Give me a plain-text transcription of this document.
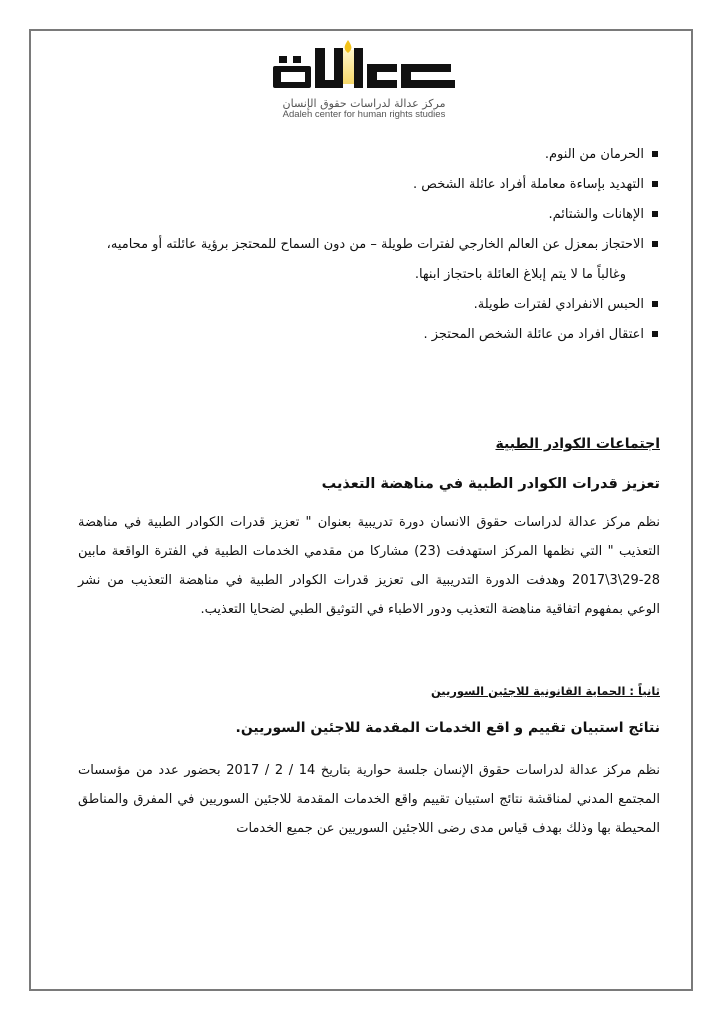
مركز عدالة لدراسات حقوق الإنسان
Adaleh center for human rights studies

الحرمان من النوم.

التهديد بإساءة معاملة أفراد عائلة الشخص .

الإهانات والشتائم.

الاحتجاز بمعزل عن العالم الخارجي لفترات طويلة – من دون السماح للمحتجز برؤية عائلته أو محاميه،
وغالباً ما لا يتم إبلاغ العائلة باحتجاز ابنها.

الحبس الانفرادي لفترات طويلة.

اعتقال افراد من عائلة الشخص المحتجز .

اجتماعات الكوادر الطبية
تعزيز قدرات الكوادر الطبية في مناهضة التعذيب
نظم مركز عدالة لدراسات حقوق الانسان دورة تدريبية بعنوان " تعزيز قدرات الكوادر الطبية في مناهضة التعذيب " التي نظمها المركز استهدفت (23) مشاركا من مقدمي الخدمات الطبية في الفترة الواقعة مابين 28-29\3\2017 وهدفت الدورة التدريبية الى تعزيز قدرات الكوادر الطبية في مناهضة التعذيب من نشر الوعي بمفهوم اتفاقية مناهضة التعذيب ودور الاطباء في التوثيق الطبي لضحايا التعذيب.
ثانياً : الحماية القانونية للاجئين السوريين
نتائج استبيان تقييم و اقع الخدمات المقدمة للاجئين السوريين.
نظم مركز عدالة لدراسات حقوق الإنسان جلسة حوارية بتاريخ 14 / 2 / 2017 بحضور عدد من مؤسسات المجتمع المدني لمناقشة نتائج استبيان تقييم واقع الخدمات المقدمة للاجئين السوريين في المفرق والمناطق المحيطة بها وذلك بهدف قياس مدى رضى اللاجئين السوريين عن جميع الخدمات
